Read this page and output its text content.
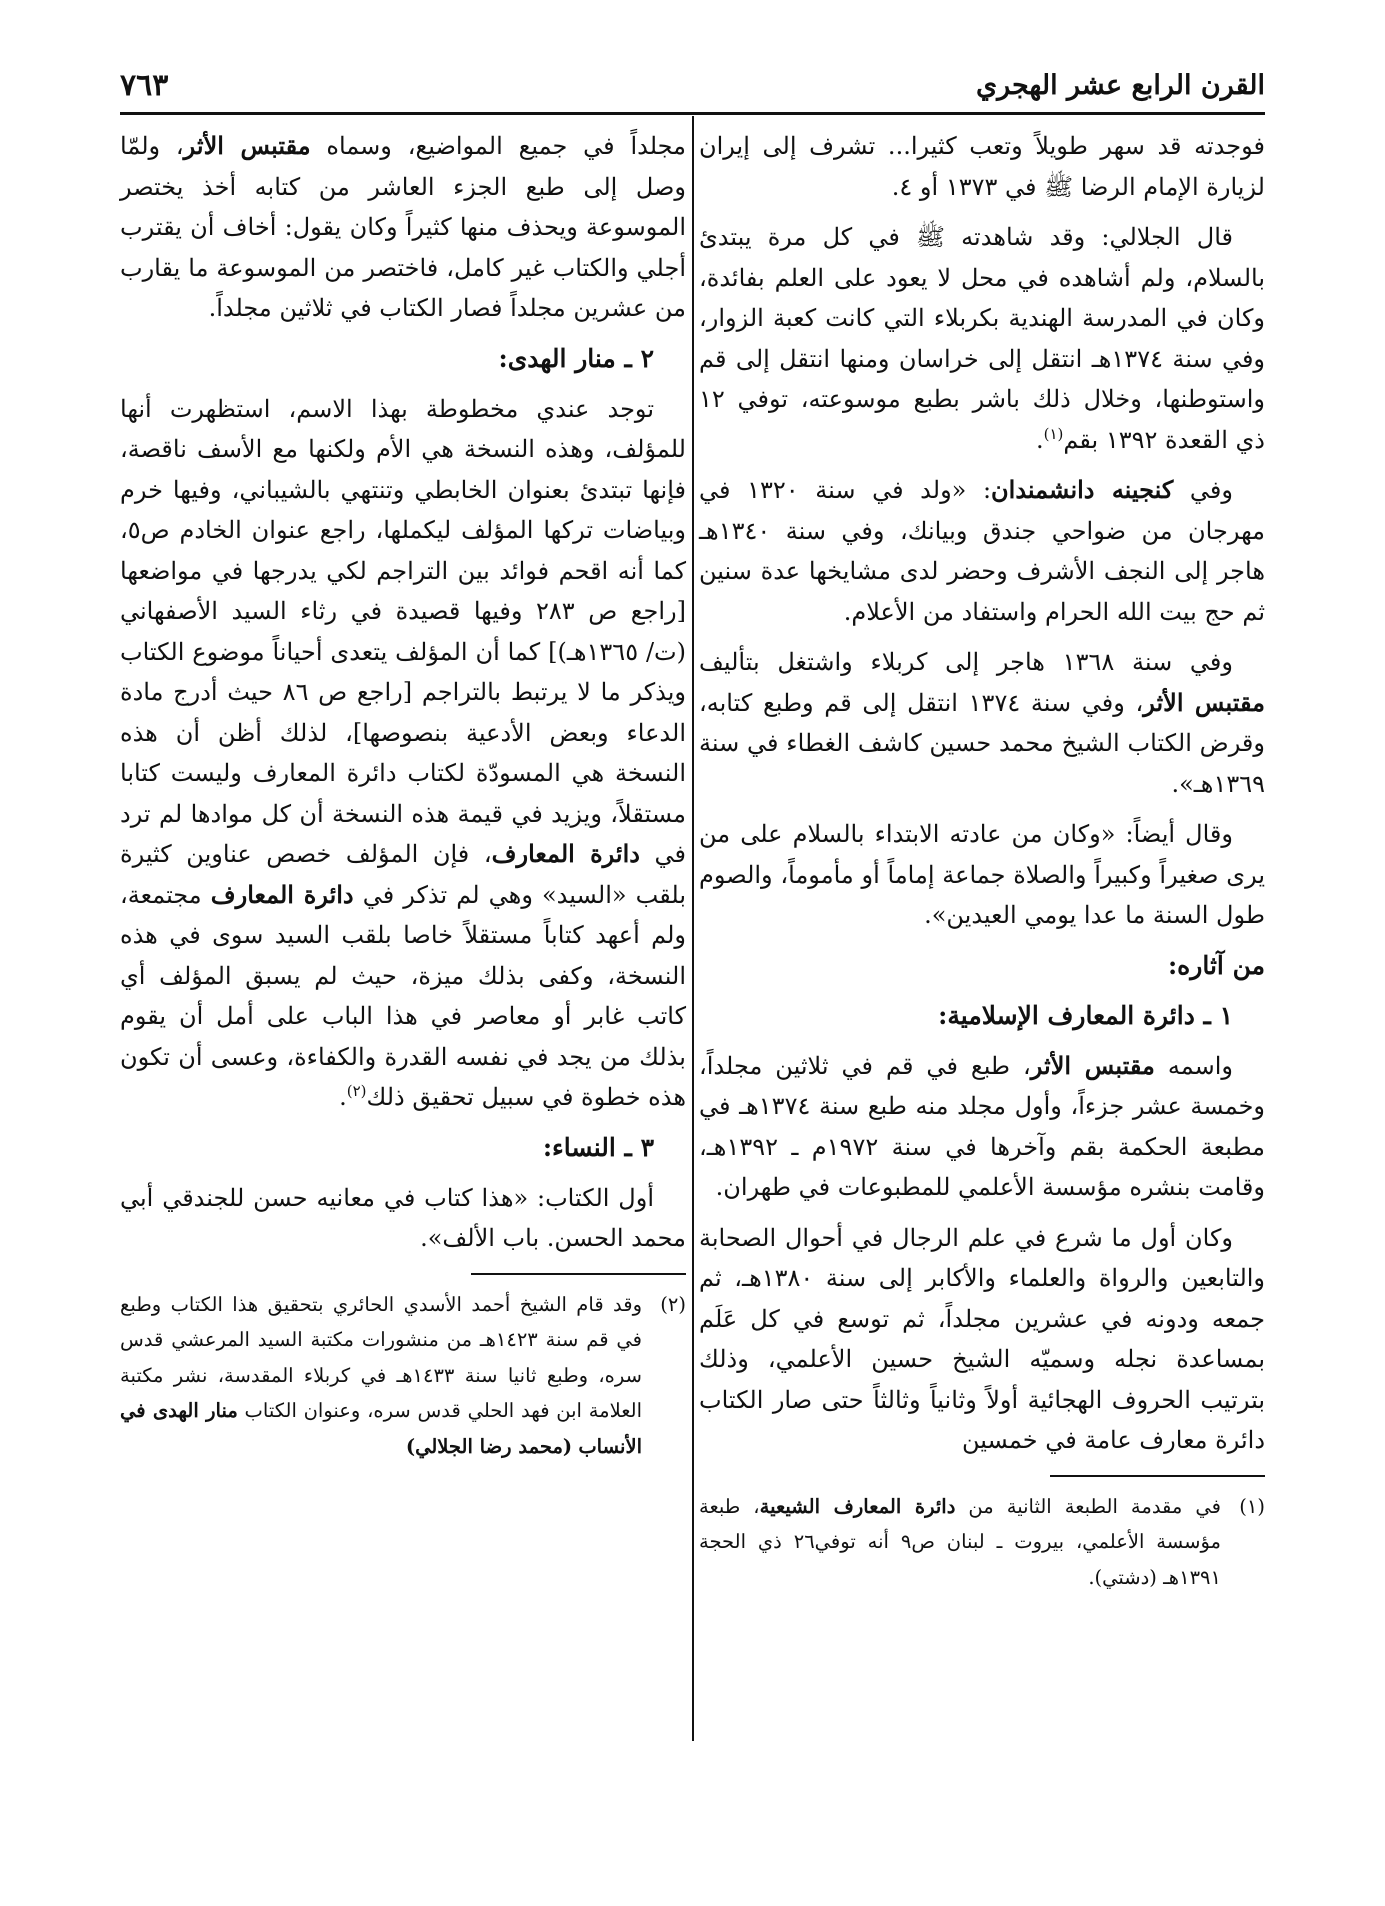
القرن الرابع عشر الهجري
٧٦٣

فوجدته قد سهر طويلاً وتعب كثيرا... تشرف إلى إيران لزيارة الإمام الرضا ﷺ في ١٣٧٣ أو ٤.

قال الجلالي: وقد شاهدته ﷺ في كل مرة يبتدئ بالسلام، ولم أشاهده في محل لا يعود على العلم بفائدة، وكان في المدرسة الهندية بكربلاء التي كانت كعبة الزوار، وفي سنة ١٣٧٤هـ انتقل إلى خراسان ومنها انتقل إلى قم واستوطنها، وخلال ذلك باشر بطبع موسوعته، توفي ١٢ ذي القعدة ١٣٩٢ بقم$^{(١)}$.

وفي كنجينه دانشمندان: «ولد في سنة ١٣٢٠ في مهرجان من ضواحي جندق وبيانك، وفي سنة ١٣٤٠هـ هاجر إلى النجف الأشرف وحضر لدى مشايخها عدة سنين ثم حج بيت الله الحرام واستفاد من الأعلام.

وفي سنة ١٣٦٨ هاجر إلى كربلاء واشتغل بتأليف مقتبس الأثر، وفي سنة ١٣٧٤ انتقل إلى قم وطبع كتابه، وقرض الكتاب الشيخ محمد حسين كاشف الغطاء في سنة ١٣٦٩هـ».

وقال أيضاً: «وكان من عادته الابتداء بالسلام على من يرى صغيراً وكبيراً والصلاة جماعة إماماً أو مأموماً، والصوم طول السنة ما عدا يومي العيدين».

من آثاره:
١ ـ دائرة المعارف الإسلامية:

واسمه مقتبس الأثر، طبع في قم في ثلاثين مجلداً، وخمسة عشر جزءاً، وأول مجلد منه طبع سنة ١٣٧٤هـ في مطبعة الحكمة بقم وآخرها في سنة ١٩٧٢م ـ ١٣٩٢هـ، وقامت بنشره مؤسسة الأعلمي للمطبوعات في طهران.

وكان أول ما شرع في علم الرجال في أحوال الصحابة والتابعين والرواة والعلماء والأكابر إلى سنة ١٣٨٠هـ، ثم جمعه ودونه في عشرين مجلداً، ثم توسع في كل عَلَم بمساعدة نجله وسميّه الشيخ حسين الأعلمي، وذلك بترتيب الحروف الهجائية أولاً وثانياً وثالثاً حتى صار الكتاب دائرة معارف عامة في خمسين

(١)
في مقدمة الطبعة الثانية من دائرة المعارف الشيعية، طبعة مؤسسة الأعلمي، بيروت ـ لبنان ص٩ أنه توفي٢٦ ذي الحجة ١٣٩١هـ (دشتي).

مجلداً في جميع المواضيع، وسماه مقتبس الأثر، ولمّا وصل إلى طبع الجزء العاشر من كتابه أخذ يختصر الموسوعة ويحذف منها كثيراً وكان يقول: أخاف أن يقترب أجلي والكتاب غير كامل، فاختصر من الموسوعة ما يقارب من عشرين مجلداً فصار الكتاب في ثلاثين مجلداً.

٢ ـ منار الهدى:

توجد عندي مخطوطة بهذا الاسم، استظهرت أنها للمؤلف، وهذه النسخة هي الأم ولكنها مع الأسف ناقصة، فإنها تبتدئ بعنوان الخابطي وتنتهي بالشيباني، وفيها خرم وبياضات تركها المؤلف ليكملها، راجع عنوان الخادم ص٥، كما أنه اقحم فوائد بين التراجم لكي يدرجها في مواضعها [راجع ص ٢٨٣ وفيها قصيدة في رثاء السيد الأصفهاني (ت/ ١٣٦٥هـ)] كما أن المؤلف يتعدى أحياناً موضوع الكتاب ويذكر ما لا يرتبط بالتراجم [راجع ص ٨٦ حيث أدرج مادة الدعاء وبعض الأدعية بنصوصها]، لذلك أظن أن هذه النسخة هي المسودّة لكتاب دائرة المعارف وليست كتابا مستقلاً، ويزيد في قيمة هذه النسخة أن كل موادها لم ترد في دائرة المعارف، فإن المؤلف خصص عناوين كثيرة بلقب «السيد» وهي لم تذكر في دائرة المعارف مجتمعة، ولم أعهد كتاباً مستقلاً خاصا بلقب السيد سوى في هذه النسخة، وكفى بذلك ميزة، حيث لم يسبق المؤلف أي كاتب غابر أو معاصر في هذا الباب على أمل أن يقوم بذلك من يجد في نفسه القدرة والكفاءة، وعسى أن تكون هذه خطوة في سبيل تحقيق ذلك$^{(٢)}$.

٣ ـ النساء:

أول الكتاب: «هذا كتاب في معانيه حسن للجندقي أبي محمد الحسن. باب الألف».

(٢)
وقد قام الشيخ أحمد الأسدي الحائري بتحقيق هذا الكتاب وطبع في قم سنة ١٤٢٣هـ من منشورات مكتبة السيد المرعشي قدس سره، وطبع ثانيا سنة ١٤٣٣هـ في كربلاء المقدسة، نشر مكتبة العلامة ابن فهد الحلي قدس سره، وعنوان الكتاب منار الهدى في الأنساب (محمد رضا الجلالي)
